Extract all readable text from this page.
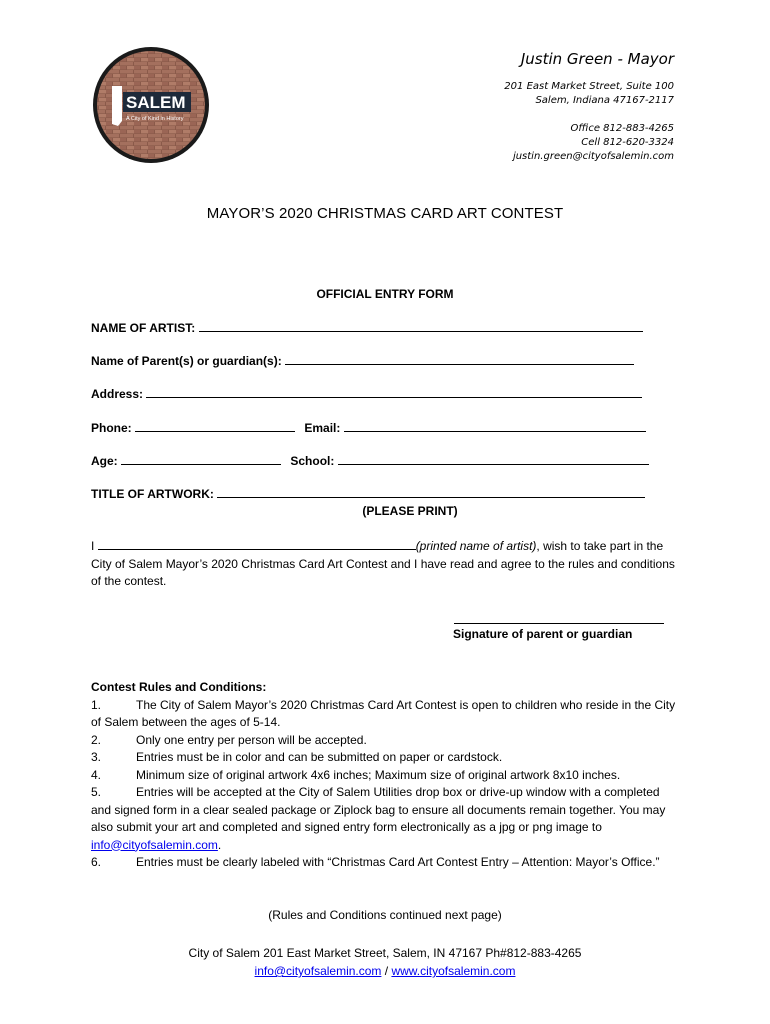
SALEM
A City of Kind in History
Justin Green - Mayor
201 East Market Street, Suite 100
Salem, Indiana 47167-2117
Office 812-883-4265
Cell 812-620-3324
justin.green@cityofsalemin.com
MAYOR’S 2020 CHRISTMAS CARD ART CONTEST
OFFICIAL ENTRY FORM
NAME OF ARTIST:
Name of Parent(s) or guardian(s):
Address:
Phone:	Email:
Age:	School:
TITLE OF ARTWORK:
(PLEASE PRINT)
I	(printed name of artist), wish to take part in the City of Salem Mayor’s 2020 Christmas Card Art Contest and I have read and agree to the rules and conditions of the contest.
Signature of parent or guardian
Contest Rules and Conditions:
1.	The City of Salem Mayor’s 2020 Christmas Card Art Contest is open to children who reside in the City of Salem between the ages of 5-14.
2.	Only one entry per person will be accepted.
3.	Entries must be in color and can be submitted on paper or cardstock.
4.	Minimum size of original artwork 4x6 inches; Maximum size of original artwork 8x10 inches.
5.	Entries will be accepted at the City of Salem Utilities drop box or drive-up window with a completed and signed form in a clear sealed package or Ziplock bag to ensure all documents remain together. You may also submit your art and completed and signed entry form electronically as a jpg or png image to info@cityofsalemin.com.
6.	Entries must be clearly labeled with “Christmas Card Art Contest Entry – Attention: Mayor’s Office.”
(Rules and Conditions continued next page)
City of Salem 201 East Market Street, Salem, IN 47167 Ph#812-883-4265
info@cityofsalemin.com / www.cityofsalemin.com
